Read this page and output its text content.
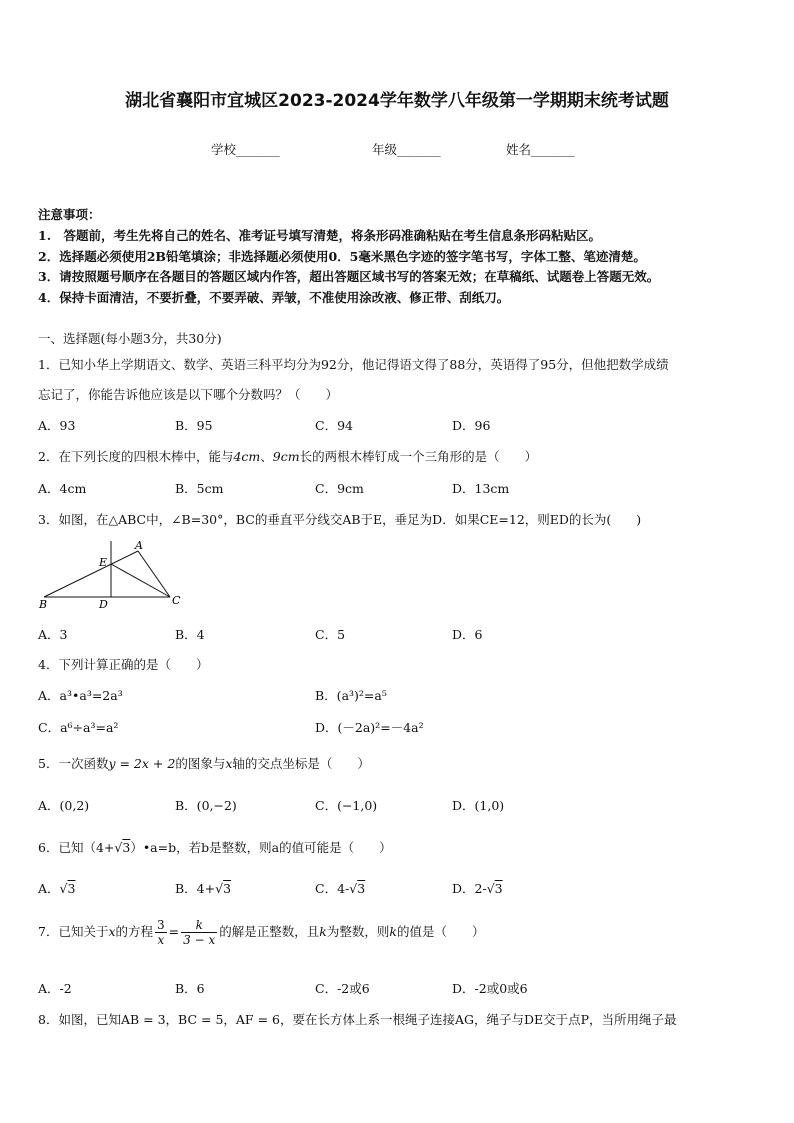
湖北省襄阳市宜城区2023-2024学年数学八年级第一学期期末统考试题
学校_______	年级_______	姓名_______
注意事项：
1.　答题前，考生先将自己的姓名、准考证号填写清楚，将条形码准确粘贴在考生信息条形码粘贴区。
2．选择题必须使用2B铅笔填涂；非选择题必须使用0．5毫米黑色字迹的签字笔书写，字体工整、笔迹清楚。
3．请按照题号顺序在各题目的答题区域内作答，超出答题区域书写的答案无效；在草稿纸、试题卷上答题无效。
4．保持卡面清洁，不要折叠，不要弄破、弄皱，不准使用涂改液、修正带、刮纸刀。
一、选择题(每小题3分，共30分)
1．已知小华上学期语文、数学、英语三科平均分为92分，他记得语文得了88分，英语得了95分，但他把数学成绩
忘记了，你能告诉他应该是以下哪个分数吗？（　　）
A．93	B．95	C．94	D．96
2．在下列长度的四根木棒中，能与4cm、9cm长的两根木棒钉成一个三角形的是（　　）
A．4cm	B．5cm	C．9cm	D．13cm
3．如图，在△ABC中，∠B=30°，BC的垂直平分线交AB于E，垂足为D．如果CE=12，则ED的长为(　　)
A
B	C
D
E
A．3	B．4	C．5	D．6
4．下列计算正确的是（　　）
A．a³•a³=2a³	B．(a³)²=a⁵
C．a⁶÷a³=a²	D．(－2a)²=－4a²
5．一次函数y = 2x + 2的图象与x轴的交点坐标是（　　）
A．(0,2)	B．(0,−2)	C．(−1,0)	D．(1,0)
6．已知（4+√3）•a=b，若b是整数，则a的值可能是（　　）
A．√3	B．4+√3	C．4-√3	D．2-√3
7．已知关于x的方程 $\frac{3}{x} = \frac{k}{3 - x}$ 的解是正整数，且k为整数，则k的值是（　　）
A．-2	B．6	C．-2或6	D．-2或0或6
8．如图，已知AB = 3，BC = 5，AF = 6，要在长方体上系一根绳子连接AG，绳子与DE交于点P，当所用绳子最
